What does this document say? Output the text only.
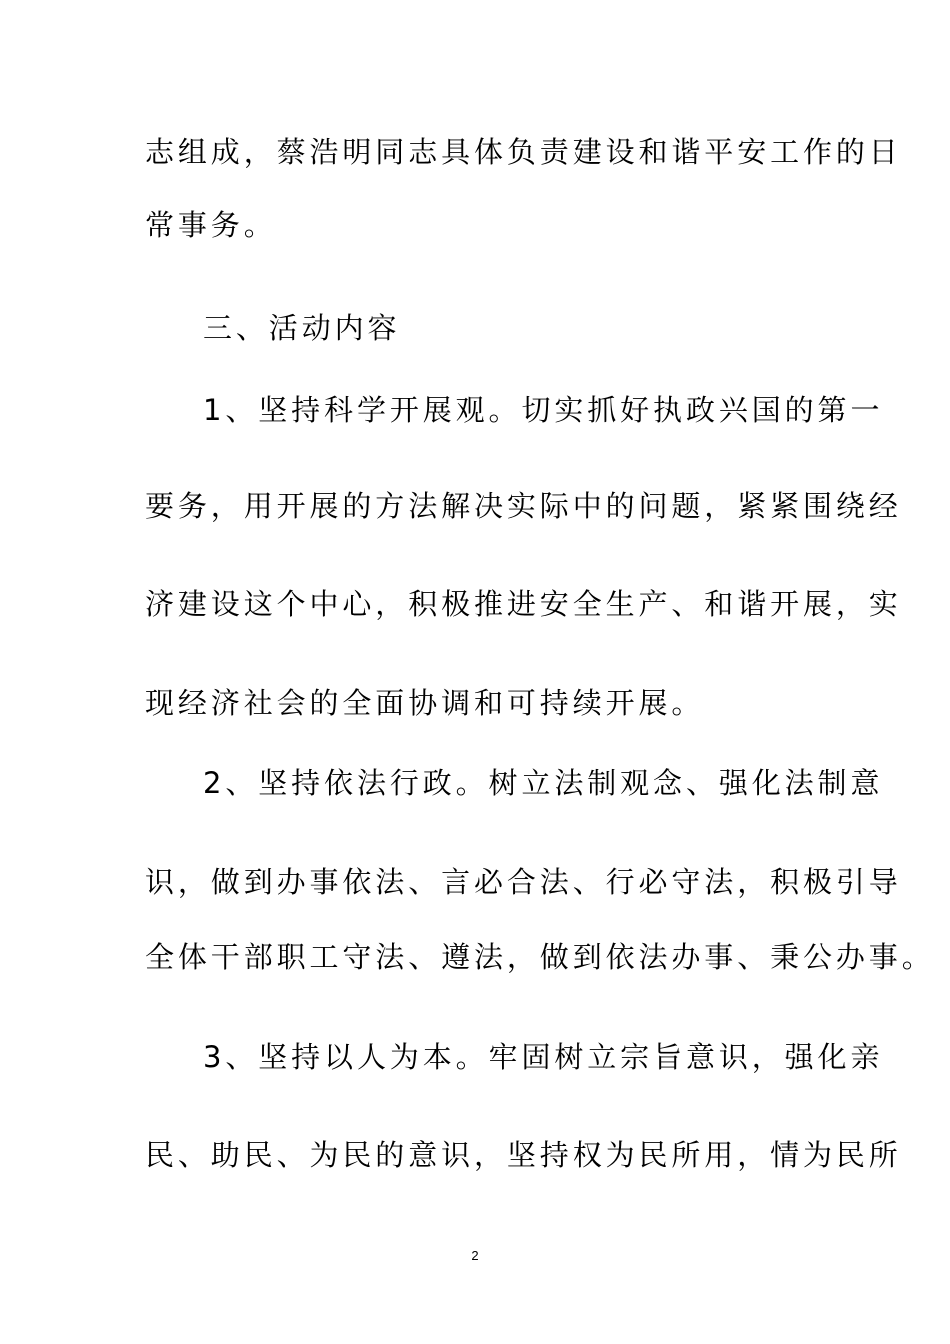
志组成，蔡浩明同志具体负责建设和谐平安工作的日
常事务。
三、活动内容
1、坚持科学开展观。切实抓好执政兴国的第一
要务，用开展的方法解决实际中的问题，紧紧围绕经
济建设这个中心，积极推进安全生产、和谐开展，实
现经济社会的全面协调和可持续开展。
2、坚持依法行政。树立法制观念、强化法制意
识，做到办事依法、言必合法、行必守法，积极引导
全体干部职工守法、遵法，做到依法办事、秉公办事。
3、坚持以人为本。牢固树立宗旨意识，强化亲
民、助民、为民的意识，坚持权为民所用，情为民所
2
